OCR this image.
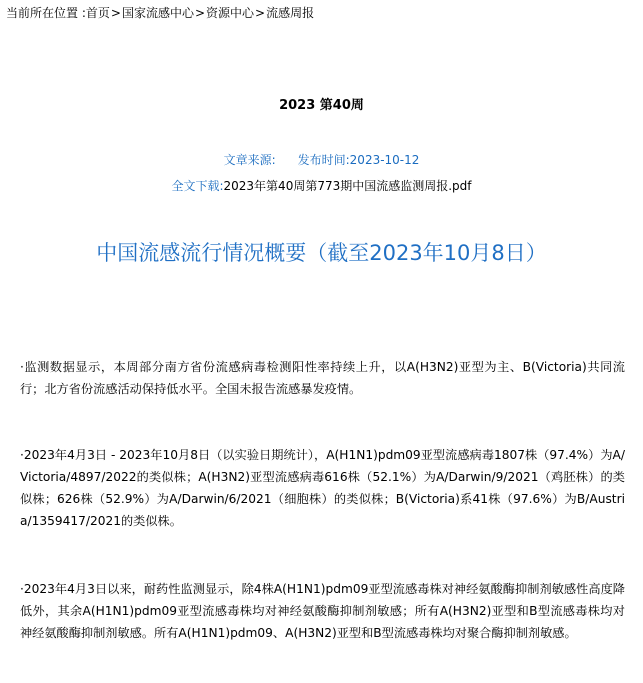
当前所在位置 :首页>国家流感中心>资源中心>流感周报
2023 第40周
文章来源: 发布时间:2023-10-12
全文下载:2023年第40周第773期中国流感监测周报.pdf
中国流感流行情况概要（截至2023年10月8日）

·监测数据显示，本周部分南方省份流感病毒检测阳性率持续上升，以A(H3N2)亚型为主、B(Victoria)共同流行；北方省份流感活动保持低水平。全国未报告流感暴发疫情。

·2023年4月3日 - 2023年10月8日（以实验日期统计），A(H1N1)pdm09亚型流感病毒1807株（97.4%）为A/Victoria/4897/2022的类似株；A(H3N2)亚型流感病毒616株（52.1%）为A/Darwin/9/2021（鸡胚株）的类似株；626株（52.9%）为A/Darwin/6/2021（细胞株）的类似株；B(Victoria)系41株（97.6%）为B/Austria/1359417/2021的类似株。

·2023年4月3日以来，耐药性监测显示，除4株A(H1N1)pdm09亚型流感毒株对神经氨酸酶抑制剂敏感性高度降低外，其余A(H1N1)pdm09亚型流感毒株均对神经氨酸酶抑制剂敏感；所有A(H3N2)亚型和B型流感毒株均对神经氨酸酶抑制剂敏感。所有A(H1N1)pdm09、A(H3N2)亚型和B型流感毒株均对聚合酶抑制剂敏感。
